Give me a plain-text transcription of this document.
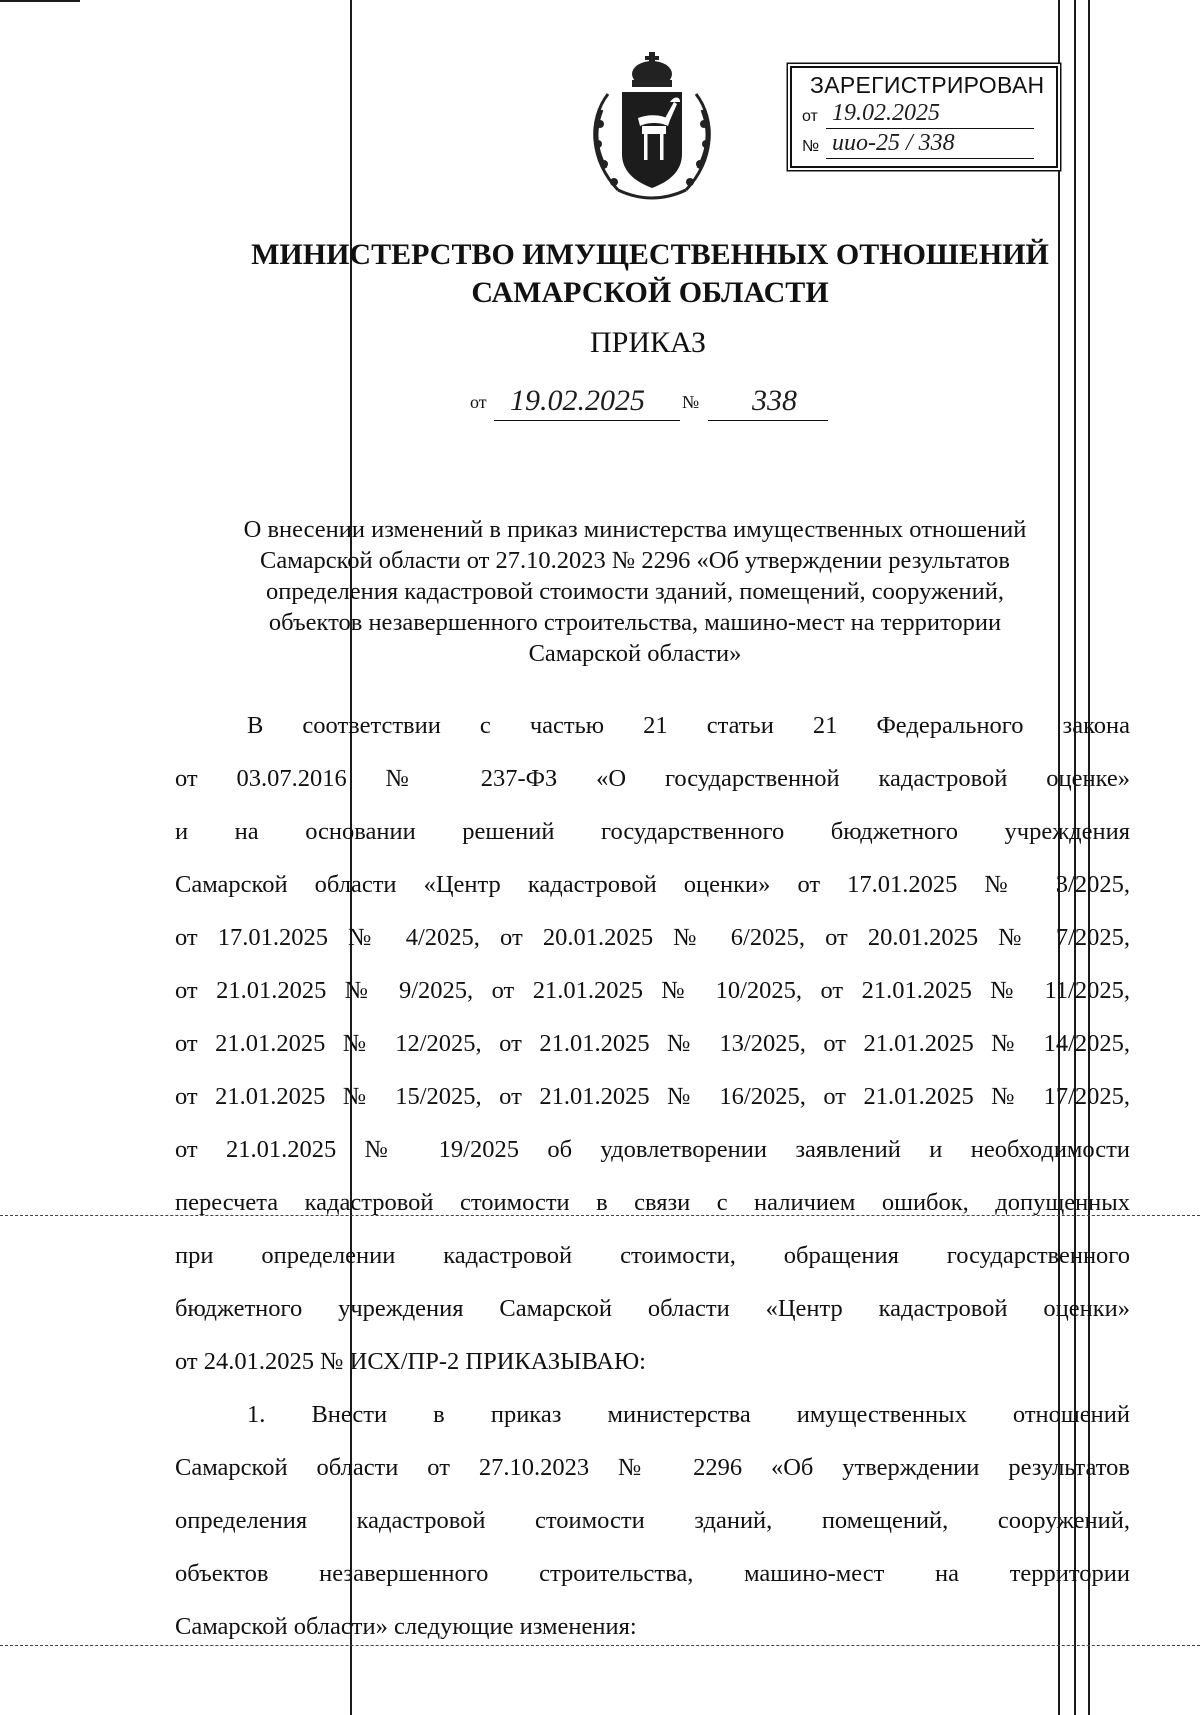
ЗАРЕГИСТРИРОВАН
от 19.02.2025
№ иио-25 / 338
МИНИСТЕРСТВО ИМУЩЕСТВЕННЫХ ОТНОШЕНИЙ
САМАРСКОЙ ОБЛАСТИ
ПРИКАЗ
от 19.02.2025 № 338
О внесении изменений в приказ министерства имущественных отношений
Самарской области от 27.10.2023 № 2296 «Об утверждении результатов
определения кадастровой стоимости зданий, помещений, сооружений,
объектов незавершенного строительства, машино-мест на территории
Самарской области»
В соответствии с частью 21 статьи 21 Федерального закона
от 03.07.2016 № 237-ФЗ «О государственной кадастровой оценке»
и на основании решений государственного бюджетного учреждения
Самарской области «Центр кадастровой оценки» от 17.01.2025 № 3/2025,
от 17.01.2025 № 4/2025, от 20.01.2025 № 6/2025, от 20.01.2025 № 7/2025,
от 21.01.2025 № 9/2025, от 21.01.2025 № 10/2025, от 21.01.2025 № 11/2025,
от 21.01.2025 № 12/2025, от 21.01.2025 № 13/2025, от 21.01.2025 № 14/2025,
от 21.01.2025 № 15/2025, от 21.01.2025 № 16/2025, от 21.01.2025 № 17/2025,
от 21.01.2025 № 19/2025 об удовлетворении заявлений и необходимости
пересчета кадастровой стоимости в связи с наличием ошибок, допущенных
при определении кадастровой стоимости, обращения государственного
бюджетного учреждения Самарской области «Центр кадастровой оценки»
от 24.01.2025 № ИСХ/ПР-2 ПРИКАЗЫВАЮ:
1. Внести в приказ министерства имущественных отношений
Самарской области от 27.10.2023 № 2296 «Об утверждении результатов
определения кадастровой стоимости зданий, помещений, сооружений,
объектов незавершенного строительства, машино-мест на территории
Самарской области» следующие изменения:
